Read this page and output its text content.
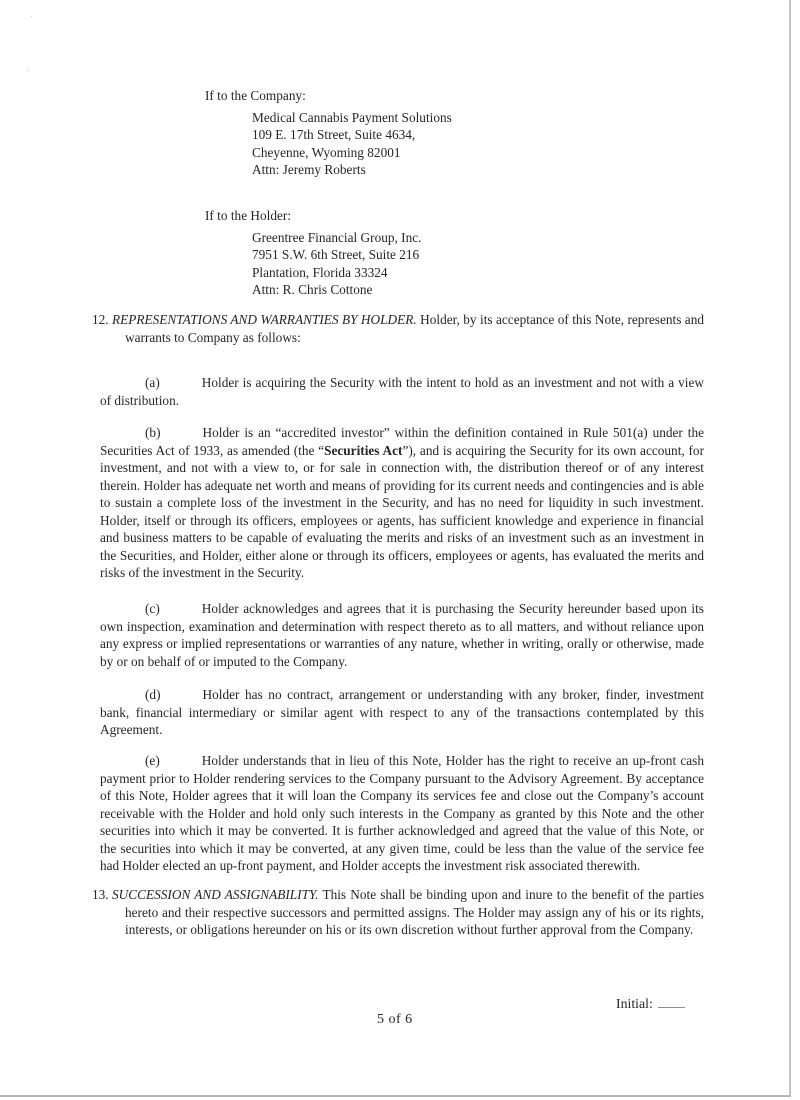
`
‚
If to the Company:
Medical Cannabis Payment Solutions
109 E. 17th Street, Suite 4634,
Cheyenne, Wyoming 82001
Attn: Jeremy Roberts
If to the Holder:
Greentree Financial Group, Inc.
7951 S.W. 6th Street, Suite 216
Plantation, Florida 33324
Attn: R. Chris Cottone
12. REPRESENTATIONS AND WARRANTIES BY HOLDER. Holder, by its acceptance of this Note, represents and warrants to Company as follows:

(a)	Holder is acquiring the Security with the intent to hold as an investment and not with a view of distribution.

(b)	Holder is an “accredited investor” within the definition contained in Rule 501(a) under the Securities Act of 1933, as amended (the “Securities Act”), and is acquiring the Security for its own account, for investment, and not with a view to, or for sale in connection with, the distribution thereof or of any interest therein. Holder has adequate net worth and means of providing for its current needs and contingencies and is able to sustain a complete loss of the investment in the Security, and has no need for liquidity in such investment. Holder, itself or through its officers, employees or agents, has sufficient knowledge and experience in financial and business matters to be capable of evaluating the merits and risks of an investment such as an investment in the Securities, and Holder, either alone or through its officers, employees or agents, has evaluated the merits and risks of the investment in the Security.

(c)	Holder acknowledges and agrees that it is purchasing the Security hereunder based upon its own inspection, examination and determination with respect thereto as to all matters, and without reliance upon any express or implied representations or warranties of any nature, whether in writing, orally or otherwise, made by or on behalf of or imputed to the Company.

(d)	Holder has no contract, arrangement or understanding with any broker, finder, investment bank, financial intermediary or similar agent with respect to any of the transactions contemplated by this Agreement.

(e)	Holder understands that in lieu of this Note, Holder has the right to receive an up-front cash payment prior to Holder rendering services to the Company pursuant to the Advisory Agreement. By acceptance of this Note, Holder agrees that it will loan the Company its services fee and close out the Company’s account receivable with the Holder and hold only such interests in the Company as granted by this Note and the other securities into which it may be converted. It is further acknowledged and agreed that the value of this Note, or the securities into which it may be converted, at any given time, could be less than the value of the service fee had Holder elected an up-front payment, and Holder accepts the investment risk associated therewith.

13. SUCCESSION AND ASSIGNABILITY. This Note shall be binding upon and inure to the benefit of the parties hereto and their respective successors and permitted assigns. The Holder may assign any of his or its rights, interests, or obligations hereunder on his or its own discretion without further approval from the Company.
Initial:
5 of 6
